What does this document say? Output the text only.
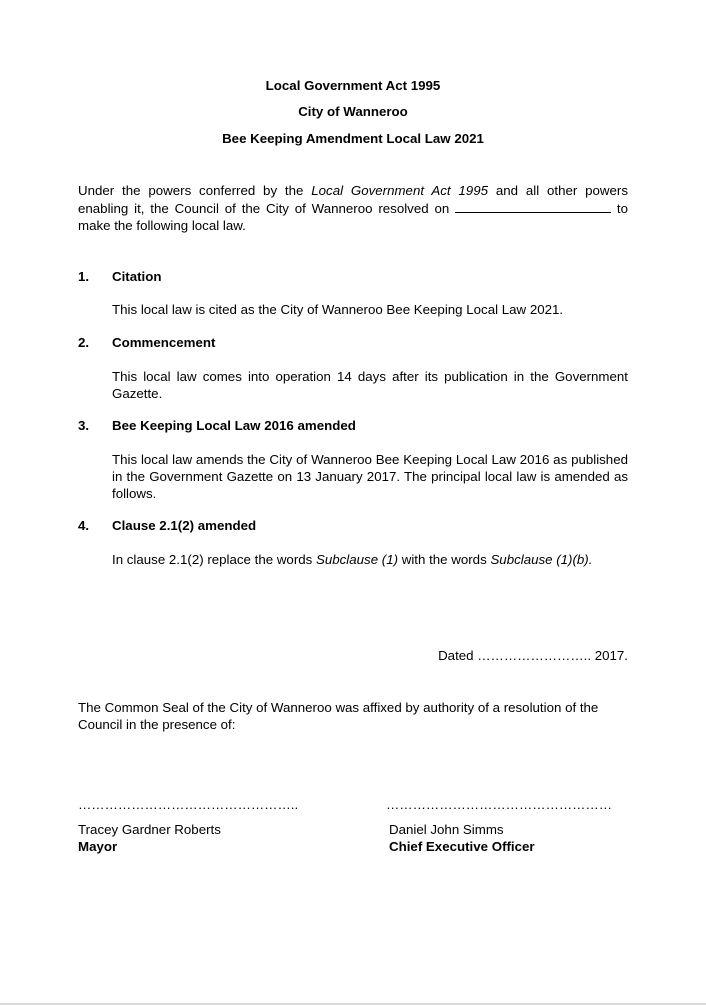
Local Government Act 1995
City of Wanneroo
Bee Keeping Amendment Local Law 2021
Under the powers conferred by the Local Government Act 1995 and all other powers enabling it, the Council of the City of Wanneroo resolved on	to make the following local law.
1. Citation
This local law is cited as the City of Wanneroo Bee Keeping Local Law 2021.
2. Commencement
This local law comes into operation 14 days after its publication in the Government Gazette.
3. Bee Keeping Local Law 2016 amended
This local law amends the City of Wanneroo Bee Keeping Local Law 2016 as published in the Government Gazette on 13 January 2017. The principal local law is amended as follows.
4. Clause 2.1(2) amended
In clause 2.1(2) replace the words Subclause (1) with the words Subclause (1)(b).
Dated …………………….. 2017.
The Common Seal of the City of Wanneroo was affixed by authority of a resolution of the Council in the presence of:
…………………………………………..	……………………………………………
Tracey Gardner Roberts
Mayor
Daniel John Simms
Chief Executive Officer
